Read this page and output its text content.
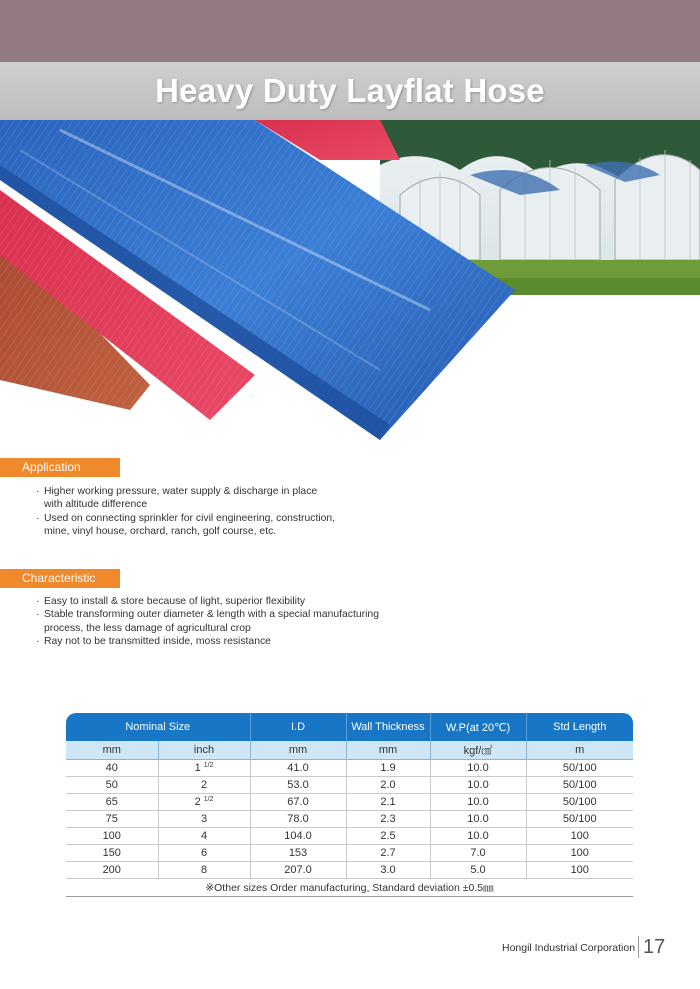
Heavy Duty Layflat Hose
Application
· Higher working pressure, water supply & discharge in place with altitude difference
· Used on connecting sprinkler for civil engineering, construction, mine, vinyl house, orchard, ranch, golf course, etc.
Characteristic
· Easy to install & store because of light, superior flexibility
· Stable transforming outer diameter & length with a special manufacturing process, the less damage of agricultural crop
· Ray not to be transmitted inside, moss resistance
Nominal Size		I.D	Wall Thickness	W.P(at 20℃)	Std Length
mm	inch	mm	mm	kgf/㎠	m
40	1 $^{1/2}$	41.0	1.9	10.0	50/100
50	2	53.0	2.0	10.0	50/100
65	2 $^{1/2}$	67.0	2.1	10.0	50/100
75	3	78.0	2.3	10.0	50/100
100	4	104.0	2.5	10.0	100
150	6	153	2.7	7.0	100
200	8	207.0	3.0	5.0	100
※Other sizes Order manufacturing, Standard deviation ±0.5㎜					
Hongil Industrial Corporation 17
